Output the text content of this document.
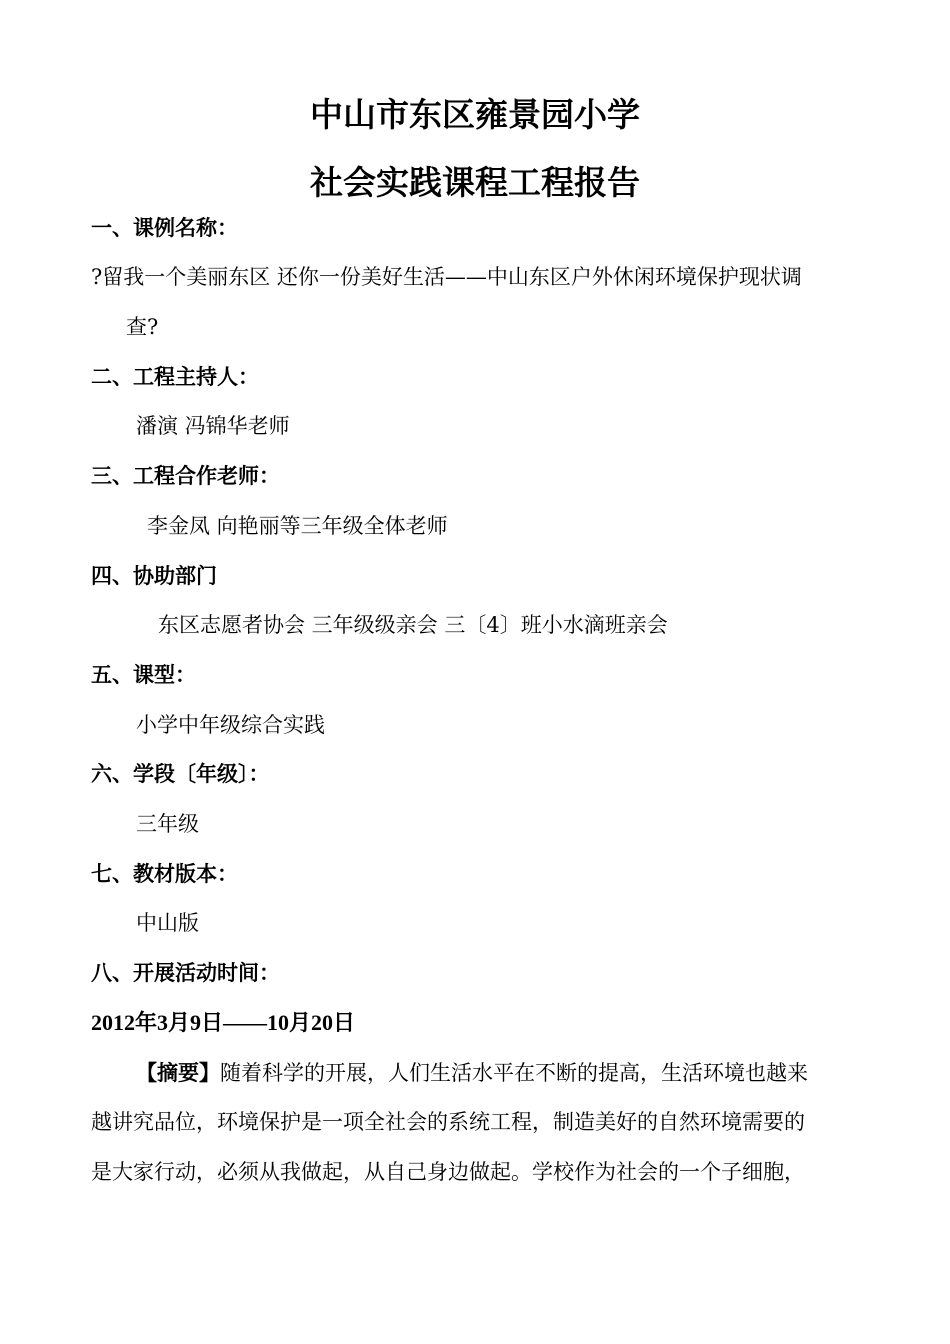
中山市东区雍景园小学
社会实践课程工程报告
一、课例名称：
?留我一个美丽东区 还你一份美好生活——中山东区户外休闲环境保护现状调
查?
二、工程主持人：
潘演 冯锦华老师
三、工程合作老师：
李金凤 向艳丽等三年级全体老师
四、协助部门
东区志愿者协会 三年级级亲会 三〔4〕班小水滴班亲会
五、课型：
小学中年级综合实践
六、学段〔年级〕：
三年级
七、教材版本：
中山版
八、开展活动时间：
2012年3月9日——10月20日
【摘要】随着科学的开展，人们生活水平在不断的提高，生活环境也越来
越讲究品位，环境保护是一项全社会的系统工程，制造美好的自然环境需要的
是大家行动，必须从我做起，从自己身边做起。学校作为社会的一个子细胞，
